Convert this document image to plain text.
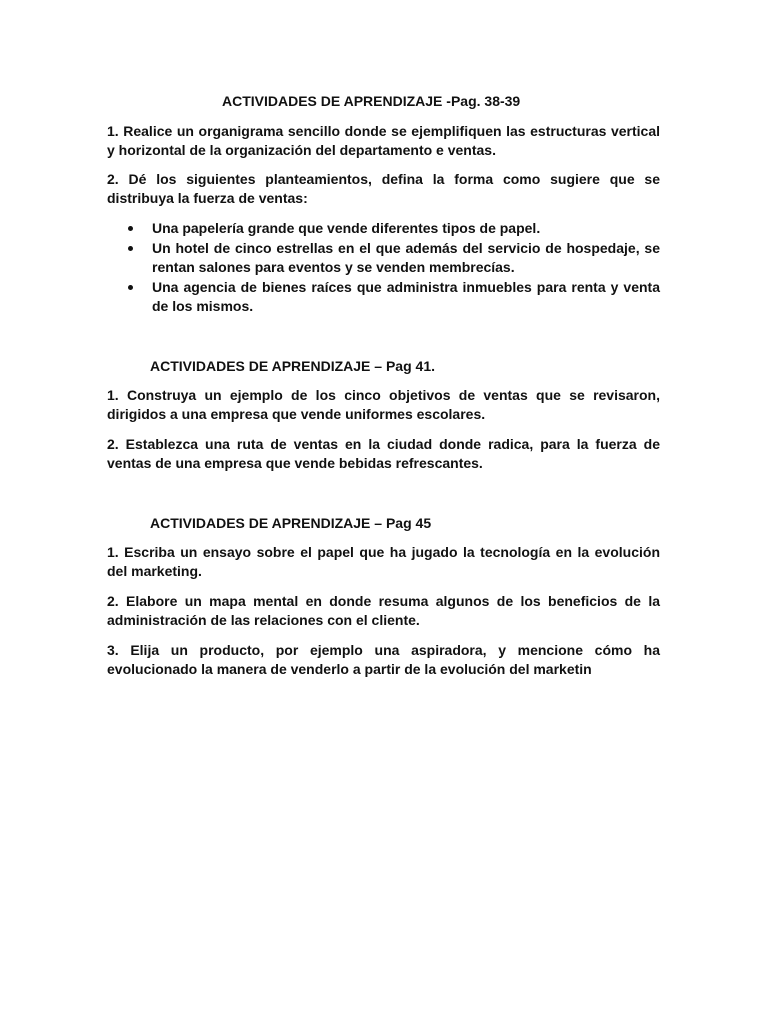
ACTIVIDADES DE APRENDIZAJE -Pag. 38-39
1. Realice un organigrama sencillo donde se ejemplifiquen las estructuras vertical y horizontal de la organización del departamento e ventas.
2. Dé los siguientes planteamientos, defina la forma como sugiere que se distribuya la fuerza de ventas:
Una papelería grande que vende diferentes tipos de papel.
Un hotel de cinco estrellas en el que además del servicio de hospedaje, se rentan salones para eventos y se venden membrecías.
Una agencia de bienes raíces que administra inmuebles para renta y venta de los mismos.
ACTIVIDADES DE APRENDIZAJE – Pag 41.
1. Construya un ejemplo de los cinco objetivos de ventas que se revisaron, dirigidos a una empresa que vende uniformes escolares.
2. Establezca una ruta de ventas en la ciudad donde radica, para la fuerza de ventas de una empresa que vende bebidas refrescantes.
ACTIVIDADES DE APRENDIZAJE – Pag 45
1. Escriba un ensayo sobre el papel que ha jugado la tecnología en la evolución del marketing.
2. Elabore un mapa mental en donde resuma algunos de los beneficios de la administración de las relaciones con el cliente.
3. Elija un producto, por ejemplo una aspiradora, y mencione cómo ha evolucionado la manera de venderlo a partir de la evolución del marketin
